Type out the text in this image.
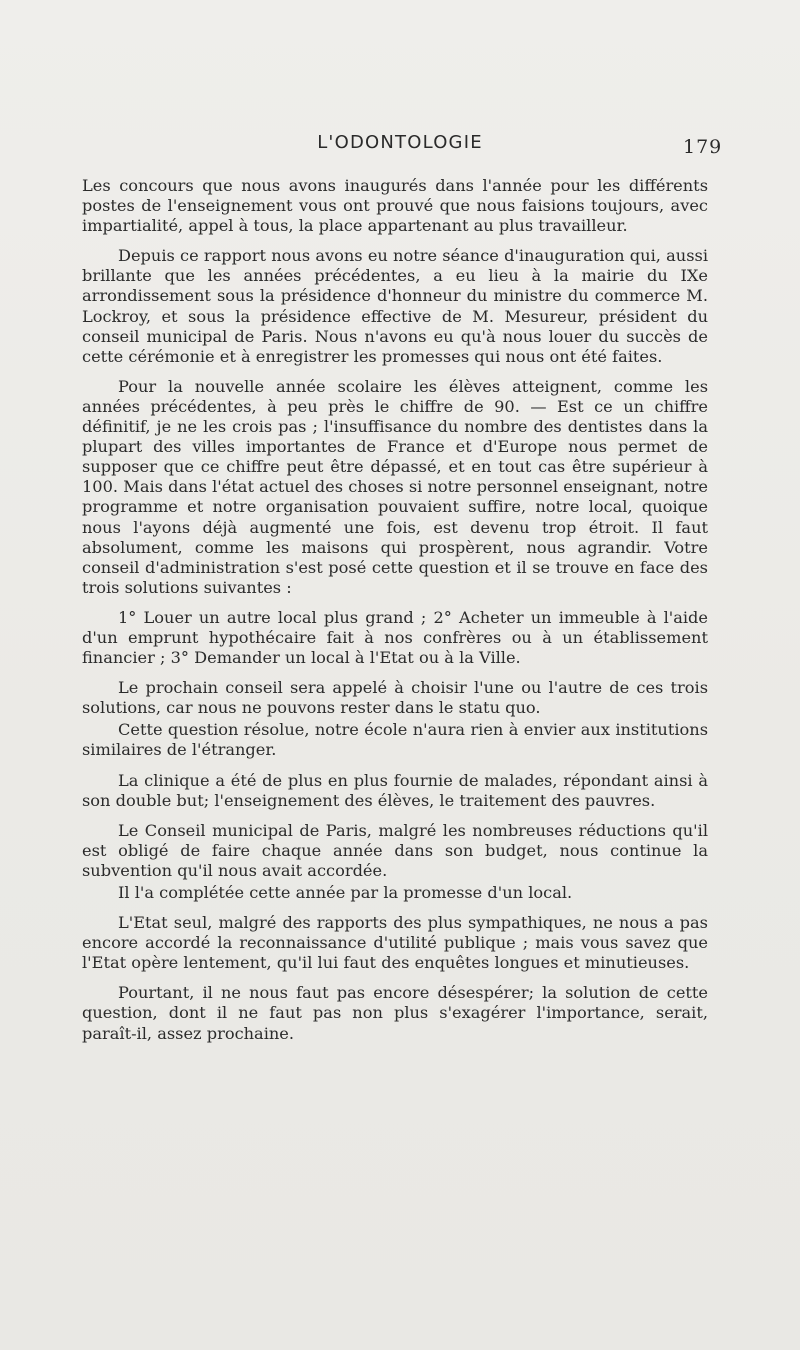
L'ODONTOLOGIE	179

Les concours que nous avons inaugurés dans l'année pour les différents postes de l'enseignement vous ont prouvé que nous faisions toujours, avec impartialité, appel à tous, la place appartenant au plus travailleur.

Depuis ce rapport nous avons eu notre séance d'inauguration qui, aussi brillante que les années précédentes, a eu lieu à la mairie du IXe arrondissement sous la présidence d'honneur du ministre du commerce M. Lockroy, et sous la présidence effective de M. Mesureur, président du conseil municipal de Paris. Nous n'avons eu qu'à nous louer du succès de cette cérémonie et à enregistrer les promesses qui nous ont été faites.

Pour la nouvelle année scolaire les élèves atteignent, comme les années précédentes, à peu près le chiffre de 90. — Est ce un chiffre définitif, je ne les crois pas ; l'insuffisance du nombre des dentistes dans la plupart des villes importantes de France et d'Europe nous permet de supposer que ce chiffre peut être dépassé, et en tout cas être supérieur à 100. Mais dans l'état actuel des choses si notre personnel enseignant, notre programme et notre organisation pouvaient suffire, notre local, quoique nous l'ayons déjà augmenté une fois, est devenu trop étroit. Il faut absolument, comme les maisons qui prospèrent, nous agrandir. Votre conseil d'administration s'est posé cette question et il se trouve en face des trois solutions suivantes :

1° Louer un autre local plus grand ; 2° Acheter un immeuble à l'aide d'un emprunt hypothécaire fait à nos confrères ou à un établissement financier ; 3° Demander un local à l'Etat ou à la Ville.

Le prochain conseil sera appelé à choisir l'une ou l'autre de ces trois solutions, car nous ne pouvons rester dans le statu quo.

Cette question résolue, notre école n'aura rien à envier aux institutions similaires de l'étranger.

La clinique a été de plus en plus fournie de malades, répondant ainsi à son double but; l'enseignement des élèves, le traitement des pauvres.

Le Conseil municipal de Paris, malgré les nombreuses réductions qu'il est obligé de faire chaque année dans son budget, nous continue la subvention qu'il nous avait accordée.

Il l'a complétée cette année par la promesse d'un local.

L'Etat seul, malgré des rapports des plus sympathiques, ne nous a pas encore accordé la reconnaissance d'utilité publique ; mais vous savez que l'Etat opère lentement, qu'il lui faut des enquêtes longues et minutieuses.

Pourtant, il ne nous faut pas encore désespérer; la solution de cette question, dont il ne faut pas non plus s'exagérer l'importance, serait, paraît-il, assez prochaine.
